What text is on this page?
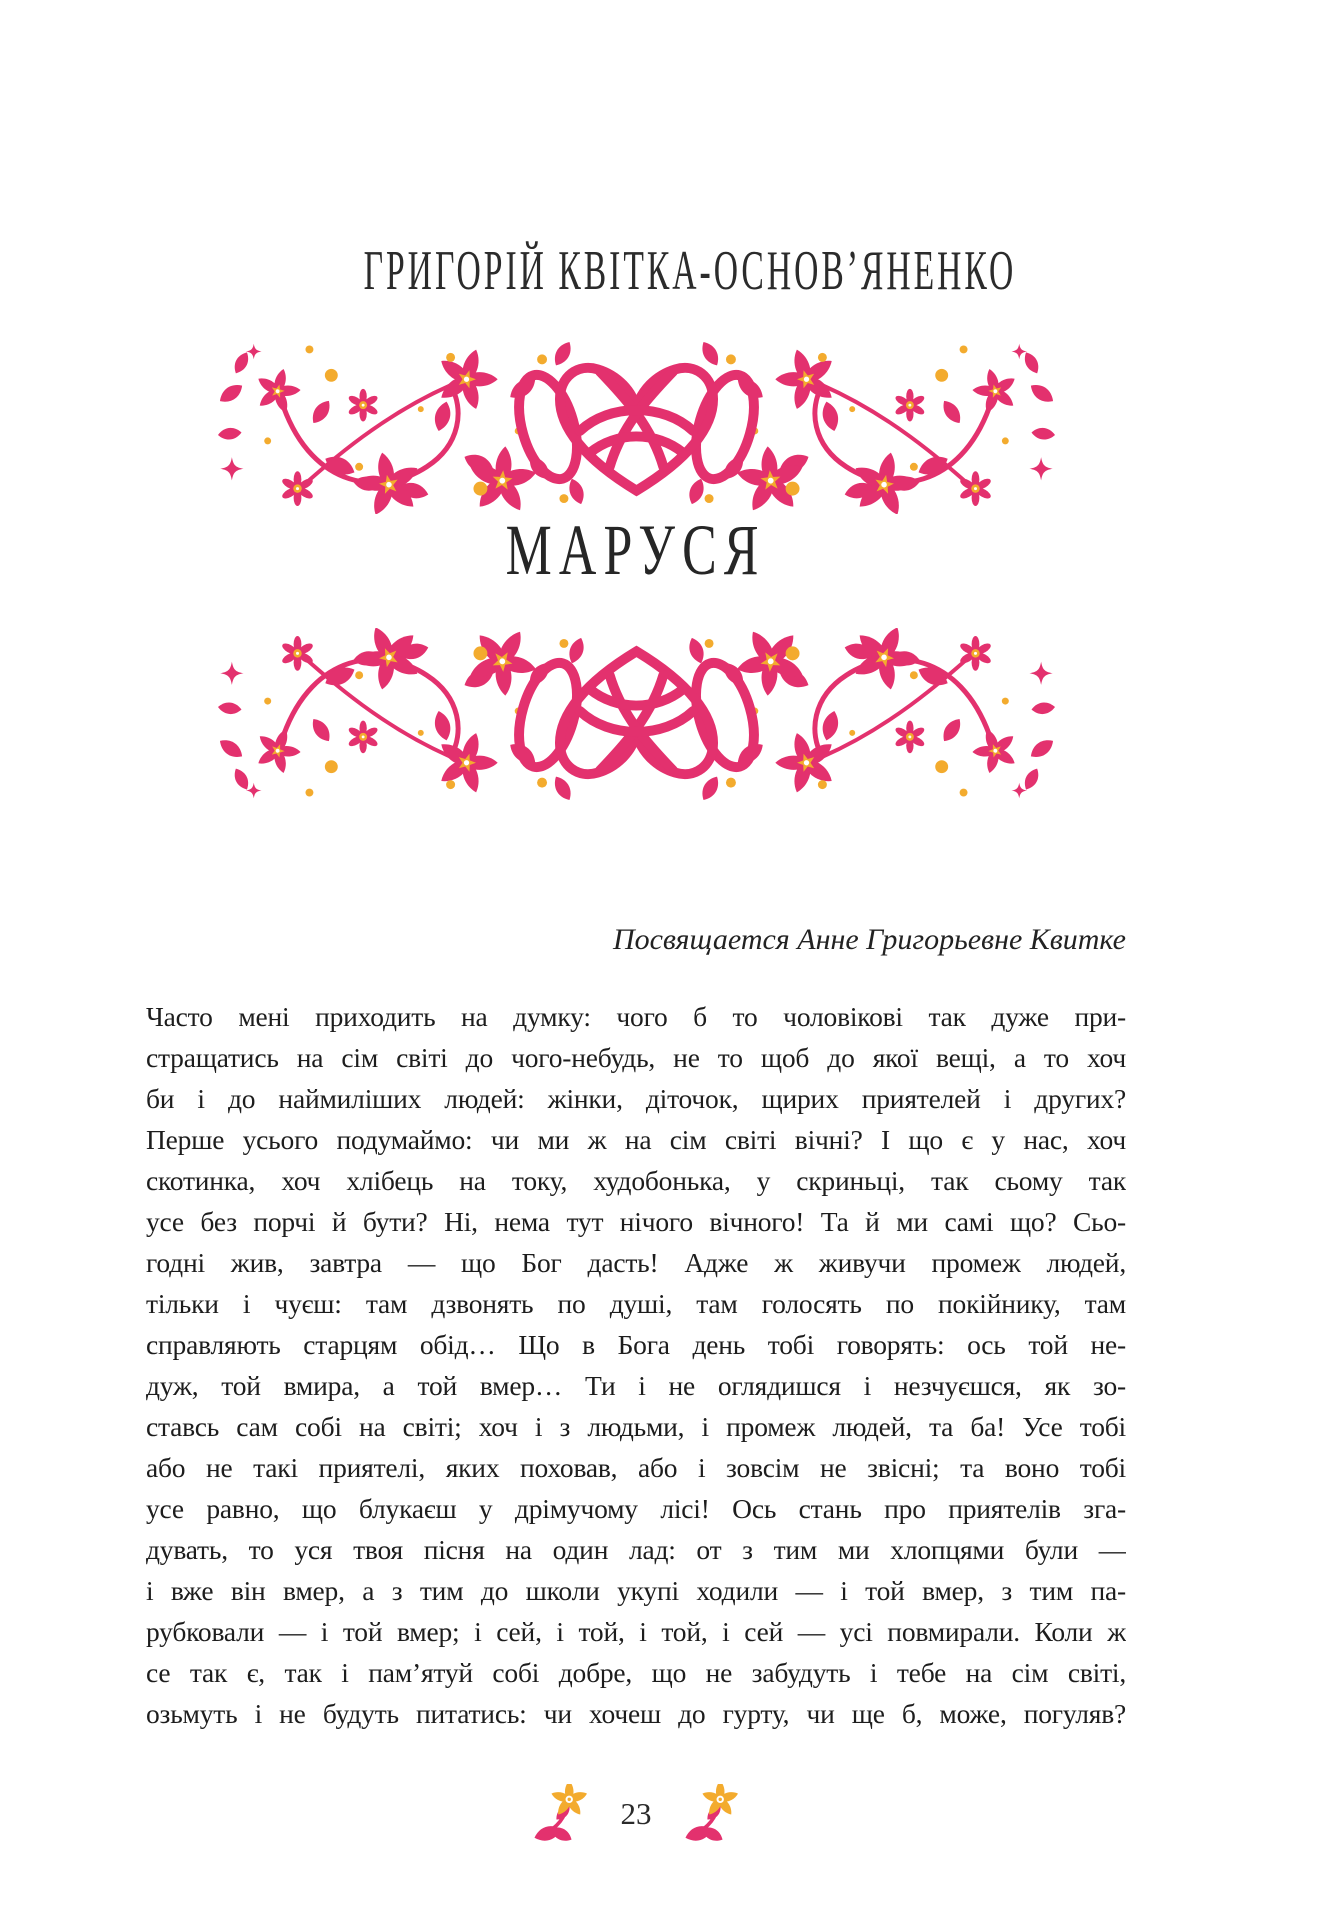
ГРИГОРІЙ КВІТКА-ОСНОВ’ЯНЕНКО
МАРУСЯ
Посвящается Анне Григорьевне Квитке
Часто мені приходить на думку: чого б то чоловікові так дуже при-
стращатись на сім світі до чого-небудь, не то щоб до якої вещі, а то хоч
би і до наймиліших людей: жінки, діточок, щирих приятелей і других?
Перше усього подумаймо: чи ми ж на сім світі вічні? І що є у нас, хоч
скотинка, хоч хлібець на току, худобонька, у скриньці, так сьому так
усе без порчі й бути? Ні, нема тут нічого вічного! Та й ми самі що? Сьо-
годні жив, завтра — що Бог дасть! Адже ж живучи промеж людей,
тільки і чуєш: там дзвонять по душі, там голосять по покійнику, там
справляють старцям обід… Що в Бога день тобі говорять: ось той не-
дуж, той вмира, а той вмер… Ти і не оглядишся і незчуєшся, як зо-
ставсь сам собі на світі; хоч і з людьми, і промеж людей, та ба! Усе тобі
або не такі приятелі, яких поховав, або і зовсім не звісні; та воно тобі
усе равно, що блукаєш у дрімучому лісі! Ось стань про приятелів зга-
дувать, то уся твоя пісня на один лад: от з тим ми хлопцями були —
і вже він вмер, а з тим до школи укупі ходили — і той вмер, з тим па-
рубковали — і той вмер; і сей, і той, і той, і сей — усі повмирали. Коли ж
се так є, так і пам’ятуй собі добре, що не забудуть і тебе на сім світі,
озьмуть і не будуть питатись: чи хочеш до гурту, чи ще б, може, погуляв?
23
